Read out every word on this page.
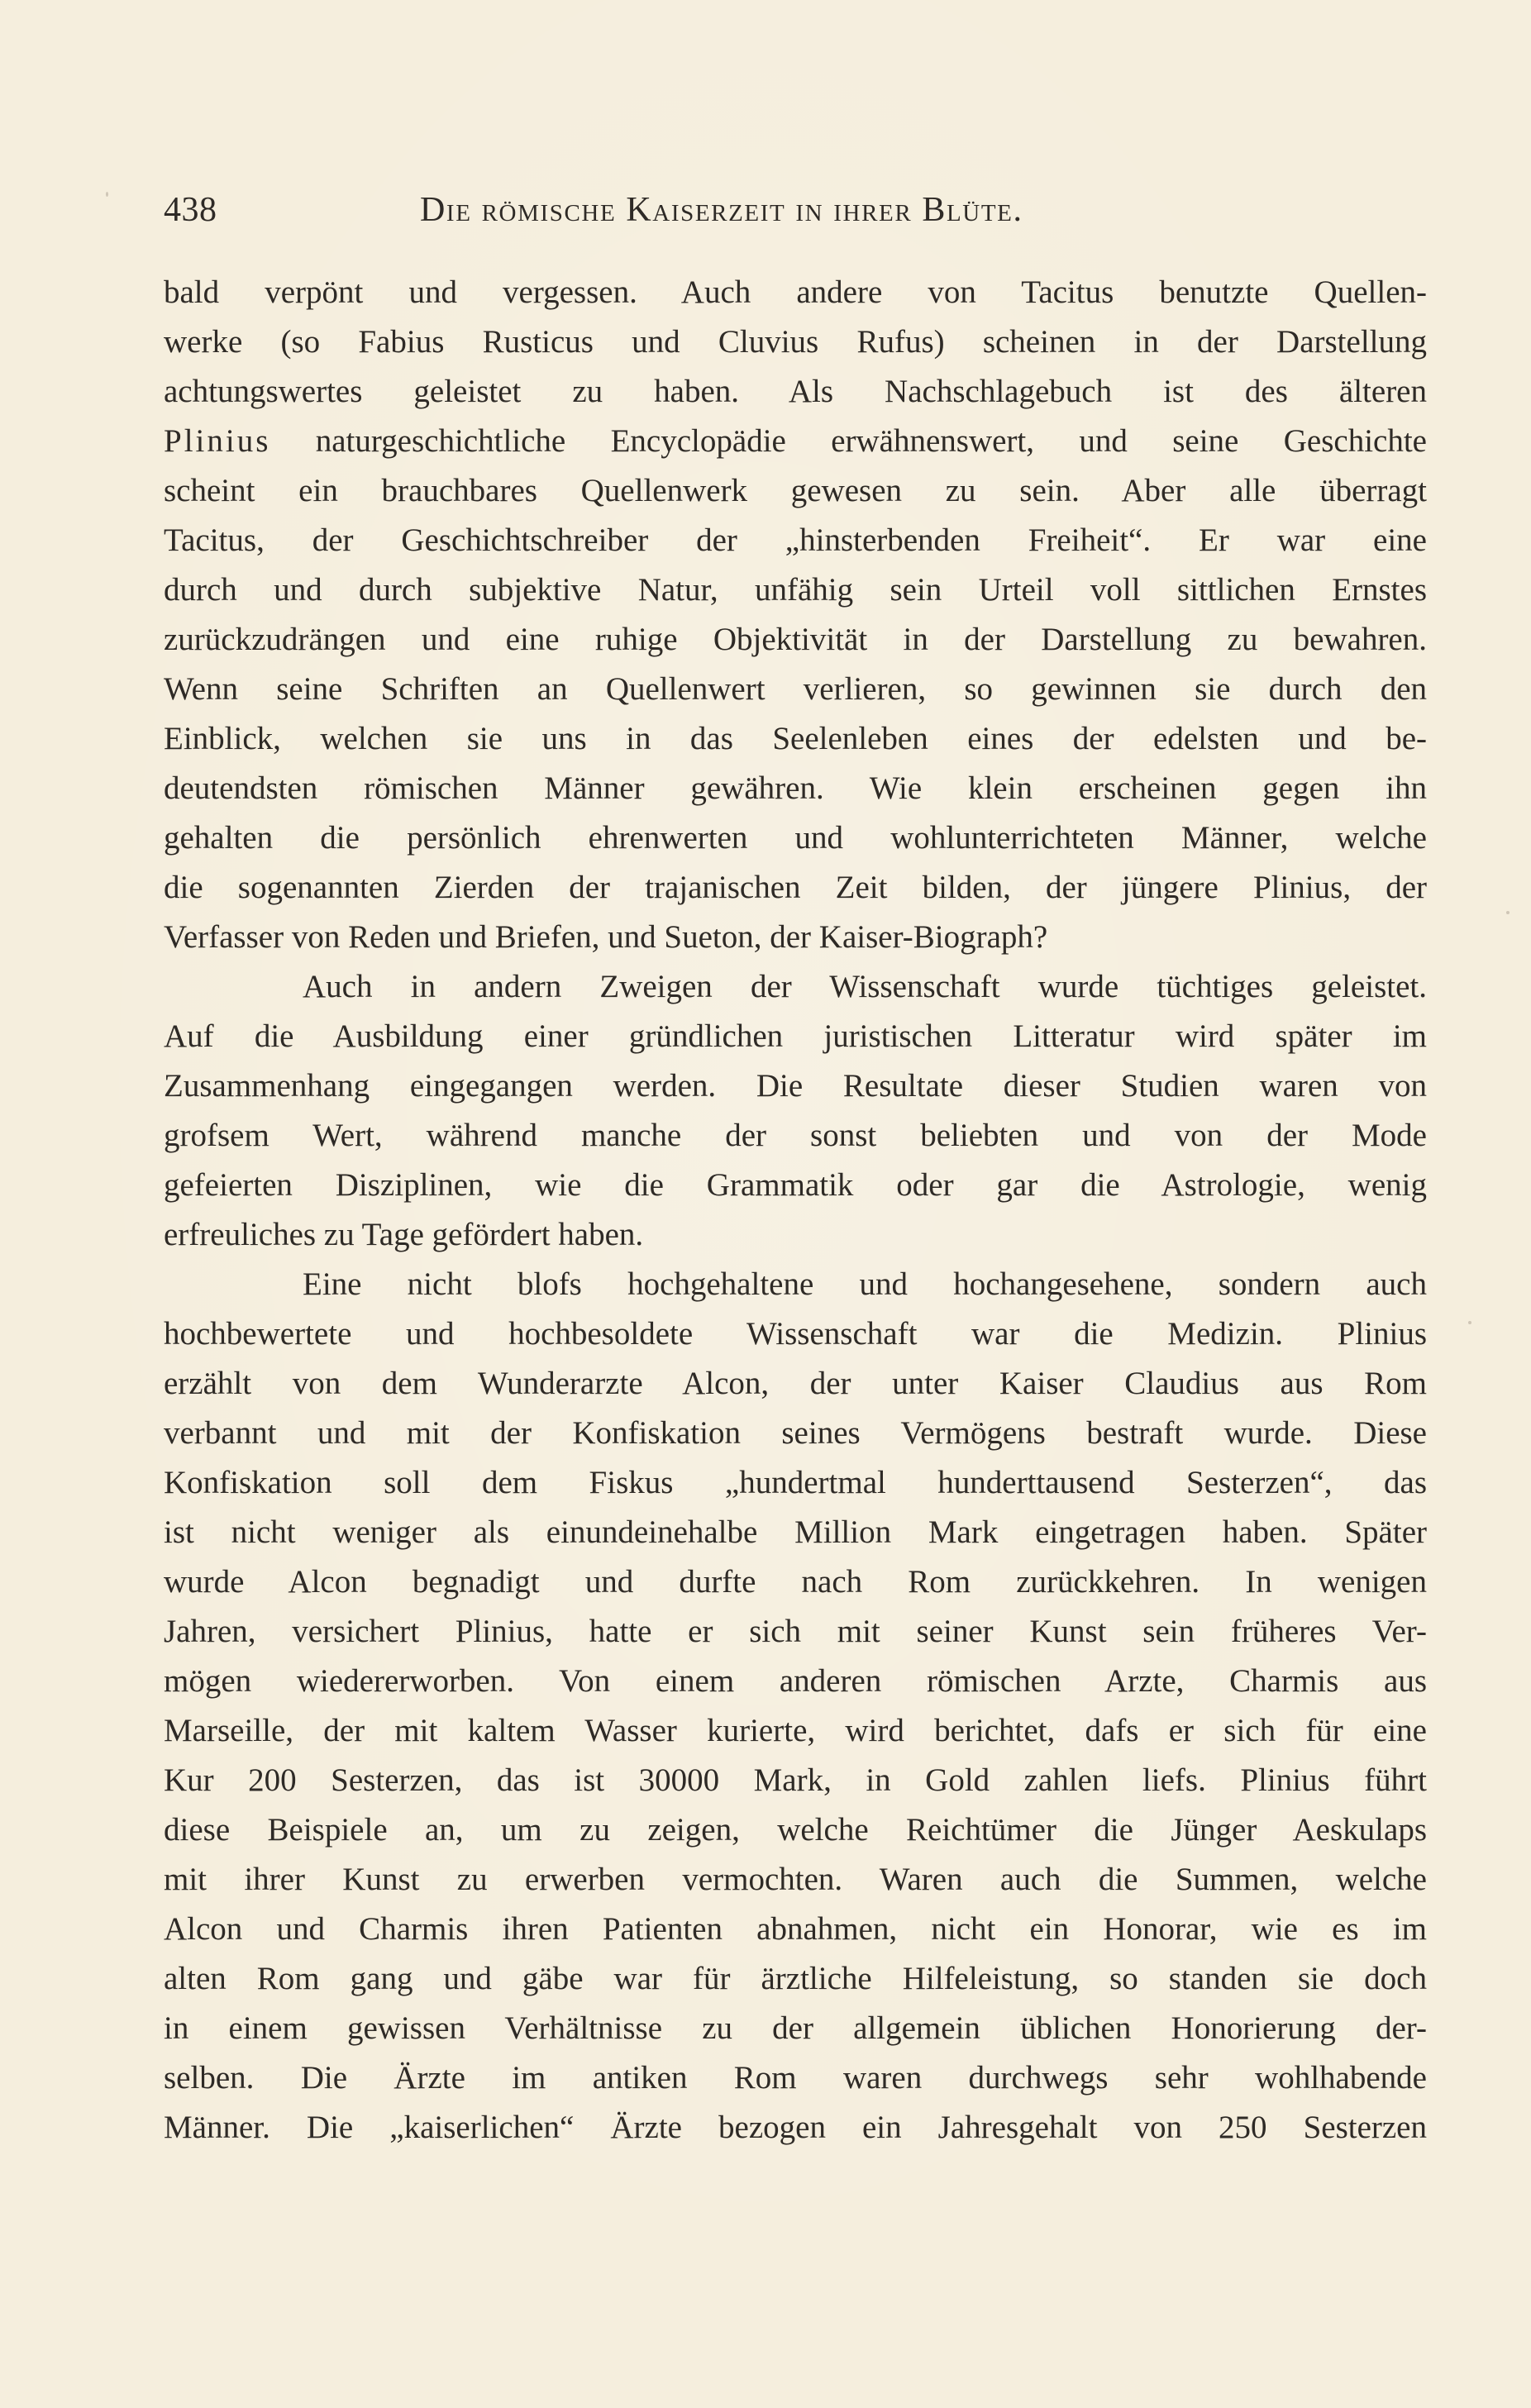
438	Die römische Kaiserzeit in ihrer Blüte.
bald verpönt und vergessen. Auch andere von Tacitus benutzte Quellen-
werke (so Fabius Rusticus und Cluvius Rufus) scheinen in der Darstellung
achtungswertes geleistet zu haben. Als Nachschlagebuch ist des älteren
Plinius naturgeschichtliche Encyclopädie erwähnenswert, und seine Geschichte
scheint ein brauchbares Quellenwerk gewesen zu sein. Aber alle überragt
Tacitus, der Geschichtschreiber der „hinsterbenden Freiheit“. Er war eine
durch und durch subjektive Natur, unfähig sein Urteil voll sittlichen Ernstes
zurückzudrängen und eine ruhige Objektivität in der Darstellung zu bewahren.
Wenn seine Schriften an Quellenwert verlieren, so gewinnen sie durch den
Einblick, welchen sie uns in das Seelenleben eines der edelsten und be-
deutendsten römischen Männer gewähren. Wie klein erscheinen gegen ihn
gehalten die persönlich ehrenwerten und wohlunterrichteten Männer, welche
die sogenannten Zierden der trajanischen Zeit bilden, der jüngere Plinius, der
Verfasser von Reden und Briefen, und Sueton, der Kaiser-Biograph?
Auch in andern Zweigen der Wissenschaft wurde tüchtiges geleistet.
Auf die Ausbildung einer gründlichen juristischen Litteratur wird später im
Zusammenhang eingegangen werden. Die Resultate dieser Studien waren von
grofsem Wert, während manche der sonst beliebten und von der Mode
gefeierten Disziplinen, wie die Grammatik oder gar die Astrologie, wenig
erfreuliches zu Tage gefördert haben.
Eine nicht blofs hochgehaltene und hochangesehene, sondern auch
hochbewertete und hochbesoldete Wissenschaft war die Medizin. Plinius
erzählt von dem Wunderarzte Alcon, der unter Kaiser Claudius aus Rom
verbannt und mit der Konfiskation seines Vermögens bestraft wurde. Diese
Konfiskation soll dem Fiskus „hundertmal hunderttausend Sesterzen“, das
ist nicht weniger als einundeinehalbe Million Mark eingetragen haben. Später
wurde Alcon begnadigt und durfte nach Rom zurückkehren. In wenigen
Jahren, versichert Plinius, hatte er sich mit seiner Kunst sein früheres Ver-
mögen wiedererworben. Von einem anderen römischen Arzte, Charmis aus
Marseille, der mit kaltem Wasser kurierte, wird berichtet, dafs er sich für eine
Kur 200 Sesterzen, das ist 30000 Mark, in Gold zahlen liefs. Plinius führt
diese Beispiele an, um zu zeigen, welche Reichtümer die Jünger Aeskulaps
mit ihrer Kunst zu erwerben vermochten. Waren auch die Summen, welche
Alcon und Charmis ihren Patienten abnahmen, nicht ein Honorar, wie es im
alten Rom gang und gäbe war für ärztliche Hilfeleistung, so standen sie doch
in einem gewissen Verhältnisse zu der allgemein üblichen Honorierung der-
selben. Die Ärzte im antiken Rom waren durchwegs sehr wohlhabende
Männer. Die „kaiserlichen“ Ärzte bezogen ein Jahresgehalt von 250 Sesterzen
